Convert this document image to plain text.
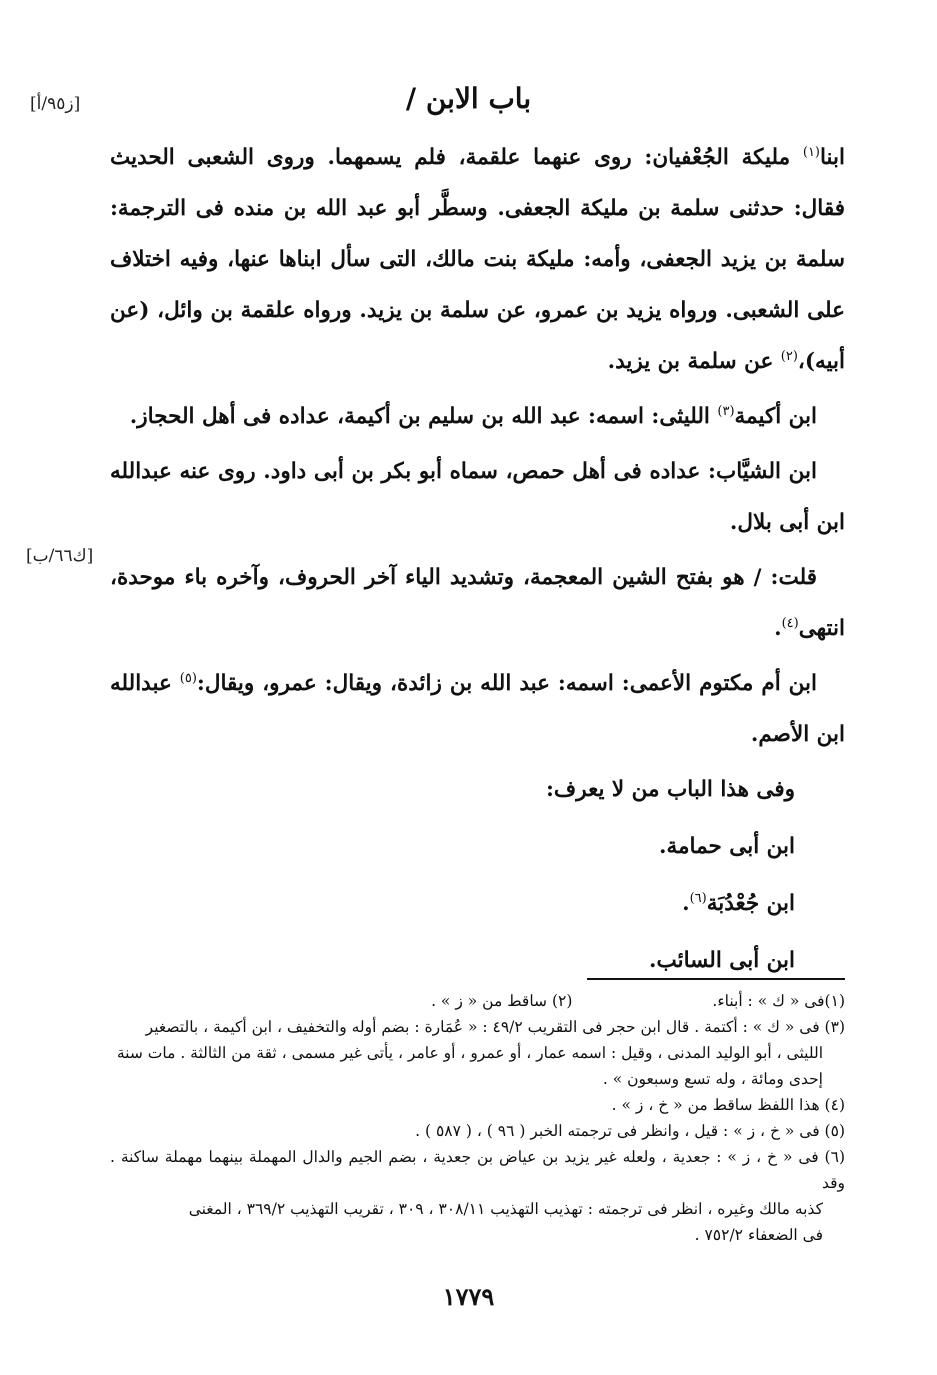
باب الابن /
[ز٩٥/أ]
[ك٦٦/ب]

ابنا$^{(١)}$ مليكة الجُعْفيان: روى عنهما علقمة، فلم يسمهما. وروى الشعبى الحديث فقال: حدثنى سلمة بن مليكة الجعفى. وسطَّر أبو عبد الله بن منده فى الترجمة: سلمة بن يزيد الجعفى، وأمه: مليكة بنت مالك، التى سأل ابناها عنها، وفيه اختلاف على الشعبى. ورواه يزيد بن عمرو، عن سلمة بن يزيد. ورواه علقمة بن وائل، (عن أبيه)،$^{(٢)}$ عن سلمة بن يزيد.

ابن أكيمة$^{(٣)}$ الليثى: اسمه: عبد الله بن سليم بن أكيمة، عداده فى أهل الحجاز.

ابن الشيَّاب: عداده فى أهل حمص، سماه أبو بكر بن أبى داود. روى عنه عبدالله ابن أبى بلال.

قلت: / هو بفتح الشين المعجمة، وتشديد الياء آخر الحروف، وآخره باء موحدة، انتهى$^{(٤)}$.

ابن أم مكتوم الأعمى: اسمه: عبد الله بن زائدة، ويقال: عمرو، ويقال:$^{(٥)}$ عبدالله ابن الأصم.

وفى هذا الباب من لا يعرف:

ابن أبى حمامة.

ابن جُعْدُبَة$^{(٦)}$.

ابن أبى السائب.

(١)فى « ك » : أبناء.
(٢) ساقط من « ز » .

(٣) فى « ك » : أكتمة . قال ابن حجر فى التقريب ٤٩/٢ : « عُمَارة : بضم أوله والتخفيف ، ابن أكيمة ، بالتصغير

الليثى ، أبو الوليد المدنى ، وقيل : اسمه عمار ، أو عمرو ، أو عامر ، يأتى غير مسمى ، ثقة من الثالثة . مات سنة

إحدى ومائة ، وله تسع وسبعون » .

(٤) هذا اللفظ ساقط من « خ ، ز » .

(٥) فى « خ ، ز » : قيل ، وانظر فى ترجمته الخبر ( ٩٦ ) ، ( ٥٨٧ ) .

(٦) فى « خ ، ز » : جعدية ، ولعله غير يزيد بن عياض بن جعدية ، بضم الجيم والدال المهملة بينهما مهملة ساكنة . وقد

كذبه مالك وغيره ، انظر فى ترجمته : تهذيب التهذيب ٣٠٨/١١ ، ٣٠٩ ، تقريب التهذيب ٣٦٩/٢ ، المغنى

فى الضعفاء ٧٥٢/٢ .

١٧٧٩
